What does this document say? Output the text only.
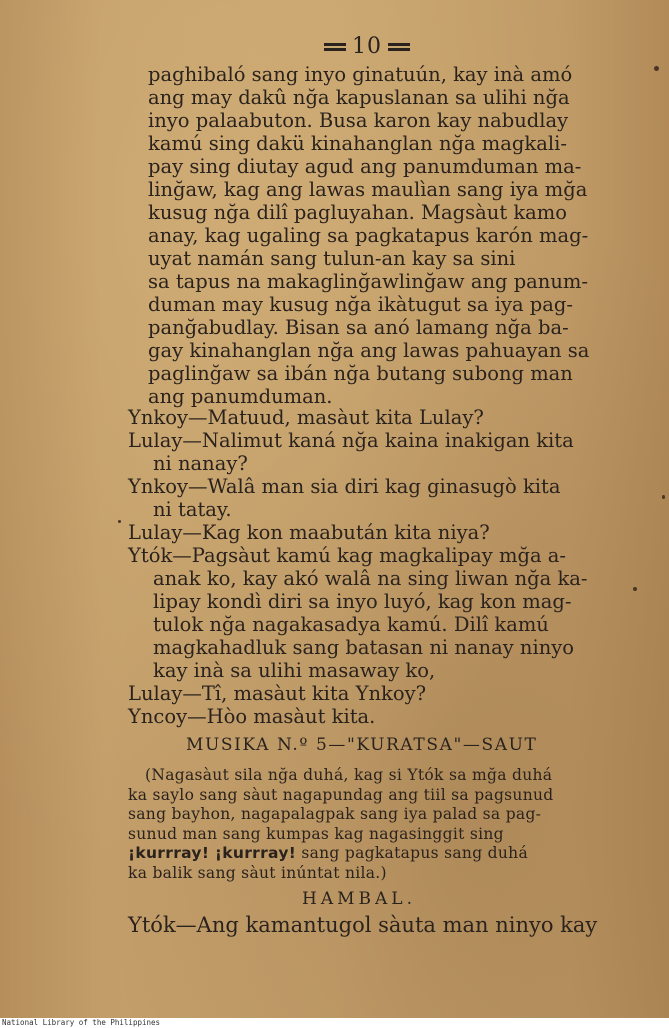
10
paghibaló sang inyo ginatuún, kay inà amó
ang may dakû nğa kapuslanan sa ulihi nğa
inyo palaabuton. Busa karon kay nabudlay
kamú sing dakü kinahanglan nğa magkali-
pay sing diutay agud ang panumduman ma-
linğaw, kag ang lawas maulìan sang iya mğa
kusug nğa dilî pagluyahan. Magsàut kamo
anay, kag ugaling sa pagkatapus karón mag-
uyat namán sang tulun-an kay sa sini
sa tapus na makaglinğawlinğaw ang panum-
duman may kusug nğa ikàtugut sa iya pag-
panğabudlay. Bisan sa anó lamang nğa ba-
gay kinahanglan nğa ang lawas pahuayan sa
paglinğaw sa ibán nğa butang subong man
ang panumduman.
Ynkoy—Matuud, masàut kita Lulay?
Lulay—Nalimut kaná nğa kaina inakigan kita
ni nanay?
Ynkoy—Walâ man sia diri kag ginasugò kita
ni tatay.
Lulay—Kag kon maabután kita niya?
Ytók—Pagsàut kamú kag magkalipay mğa a-
anak ko, kay akó walâ na sing liwan nğa ka-
lipay kondì diri sa inyo luyó, kag kon mag-
tulok nğa nagakasadya kamú. Dilî kamú
magkahadluk sang batasan ni nanay ninyo
kay inà sa ulihi masaway ko,
Lulay—Tî, masàut kita Ynkoy?
Yncoy—Hòo masàut kita.
MUSIKA N.º 5—"KURATSA"—SAUT
(Nagasàut sila nğa duhá, kag si Ytók sa mğa duhá
ka saylo sang sàut nagapundag ang tiil sa pagsunud
sang bayhon, nagapalagpak sang iya palad sa pag-
sunud man sang kumpas kag nagasinggit sing
¡kurrray! ¡kurrray! sang pagkatapus sang duhá
ka balik sang sàut inúntat nila.)
HAMBAL.
Ytók—Ang kamantugol sàuta man ninyo kay
National Library of the Philippines
